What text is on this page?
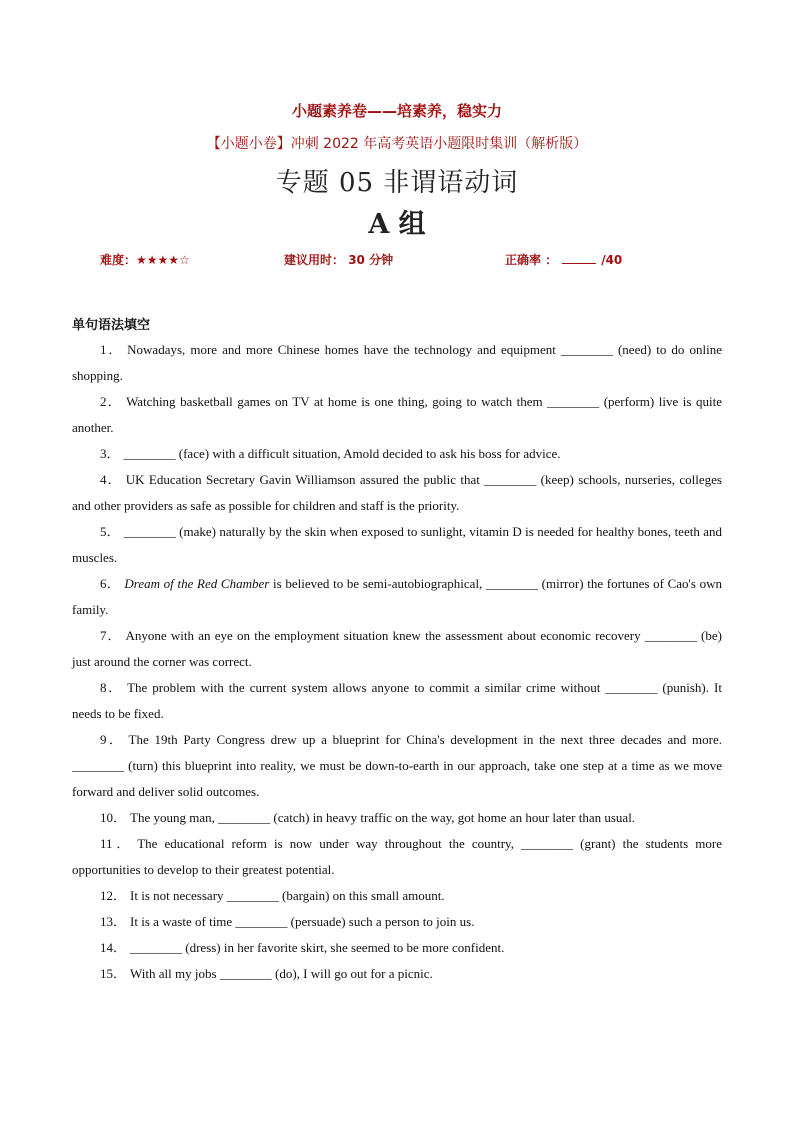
小题素养卷——培素养，稳实力
【小题小卷】冲刺 2022 年高考英语小题限时集训（解析版）
专题 05 非谓语动词
A 组
难度：★★★★☆	建议用时： 30 分钟	正确率 ：	/40
单句语法填空

1． Nowadays, more and more Chinese homes have the technology and equipment ________ (need) to do online shopping.

2． Watching basketball games on TV at home is one thing, going to watch them ________ (perform) live is quite another.

3． ________ (face) with a difficult situation, Amold decided to ask his boss for advice.

4． UK Education Secretary Gavin Williamson assured the public that ________ (keep) schools, nurseries, colleges and other providers as safe as possible for children and staff is the priority.

5． ________ (make) naturally by the skin when exposed to sunlight, vitamin D is needed for healthy bones, teeth and muscles.

6． Dream of the Red Chamber is believed to be semi-autobiographical, ________ (mirror) the fortunes of Cao's own family.

7． Anyone with an eye on the employment situation knew the assessment about economic recovery ________ (be) just around the corner was correct.

8． The problem with the current system allows anyone to commit a similar crime without ________ (punish). It needs to be fixed.

9． The 19th Party Congress drew up a blueprint for China's development in the next three decades and more. ________ (turn) this blueprint into reality, we must be down-to-earth in our approach, take one step at a time as we move forward and deliver solid outcomes.

10． The young man, ________ (catch) in heavy traffic on the way, got home an hour later than usual.

11． The educational reform is now under way throughout the country, ________ (grant) the students more opportunities to develop to their greatest potential.

12． It is not necessary ________ (bargain) on this small amount.

13． It is a waste of time ________ (persuade) such a person to join us.

14． ________ (dress) in her favorite skirt, she seemed to be more confident.

15． With all my jobs ________ (do), I will go out for a picnic.
